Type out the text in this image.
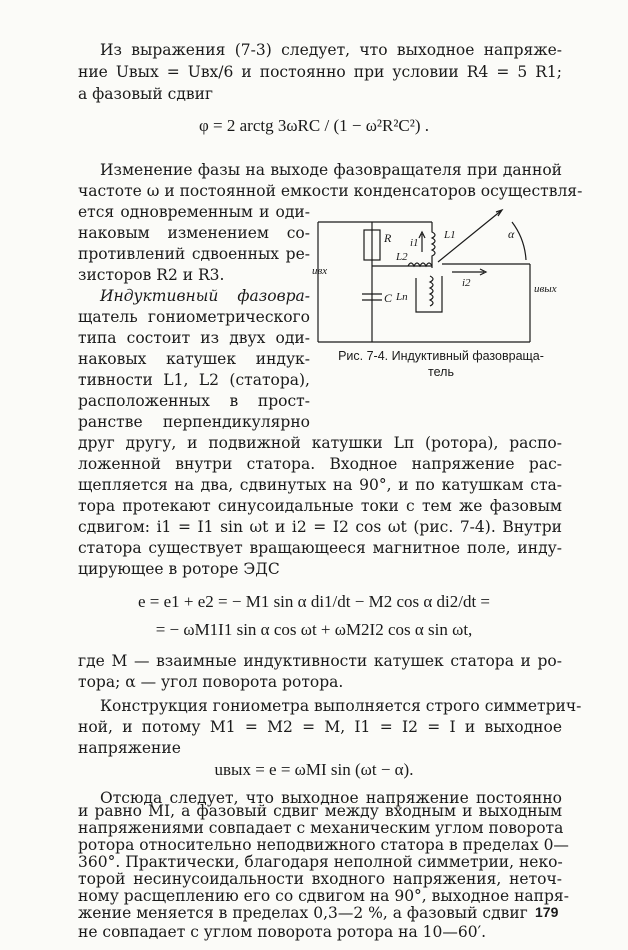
Из выражения (7-3) следует, что выходное напряже-
ние Uвых = Uвх/6 и постоянно при условии R4 = 5 R1;
а фазовый сдвиг
φ = 2 arctg 3ωRC / (1 − ω²R²C²) .
Изменение фазы на выходе фазовращателя при данной
частоте ω и постоянной емкости конденсаторов осуществля-
ется одновременным и оди-
наковым изменением со-
противлений сдвоенных ре-
зисторов R2 и R3.
Индуктивный фазовра-
щатель гониометрического
типа состоит из двух оди-
наковых катушек индук-
тивности L1, L2 (статора),
расположенных в прост-
ранстве перпендикулярно
R
C
L1
L2
Lп
i1
i2
α
uвх
uвых
Рис. 7-4. Индуктивный фазовраща-
тель
друг другу, и подвижной катушки Lп (ротора), распо-
ложенной внутри статора. Входное напряжение рас-
щепляется на два, сдвинутых на 90°, и по катушкам ста-
тора протекают синусоидальные токи с тем же фазовым
сдвигом: i1 = I1 sin ωt и i2 = I2 cos ωt (рис. 7-4). Внутри
статора существует вращающееся магнитное поле, инду-
цирующее в роторе ЭДС
e = e1 + e2 = − M1 sin α di1/dt − M2 cos α di2/dt =
= − ωM1I1 sin α cos ωt + ωM2I2 cos α sin ωt,
где M — взаимные индуктивности катушек статора и ро-
тора; α — угол поворота ротора.
Конструкция гониометра выполняется строго симметрич-
ной, и потому M1 = M2 = M, I1 = I2 = I и выходное
напряжение
uвых = e = ωMI sin (ωt − α).
Отсюда следует, что выходное напряжение постоянно
и равно MI, а фазовый сдвиг между входным и выходным
напряжениями совпадает с механическим углом поворота
ротора относительно неподвижного статора в пределах 0—
360°. Практически, благодаря неполной симметрии, неко-
торой несинусоидальности входного напряжения, неточ-
ному расщеплению его со сдвигом на 90°, выходное напря-
жение меняется в пределах 0,3—2 %, а фазовый сдвиг
не совпадает с углом поворота ротора на 10—60′.
179
